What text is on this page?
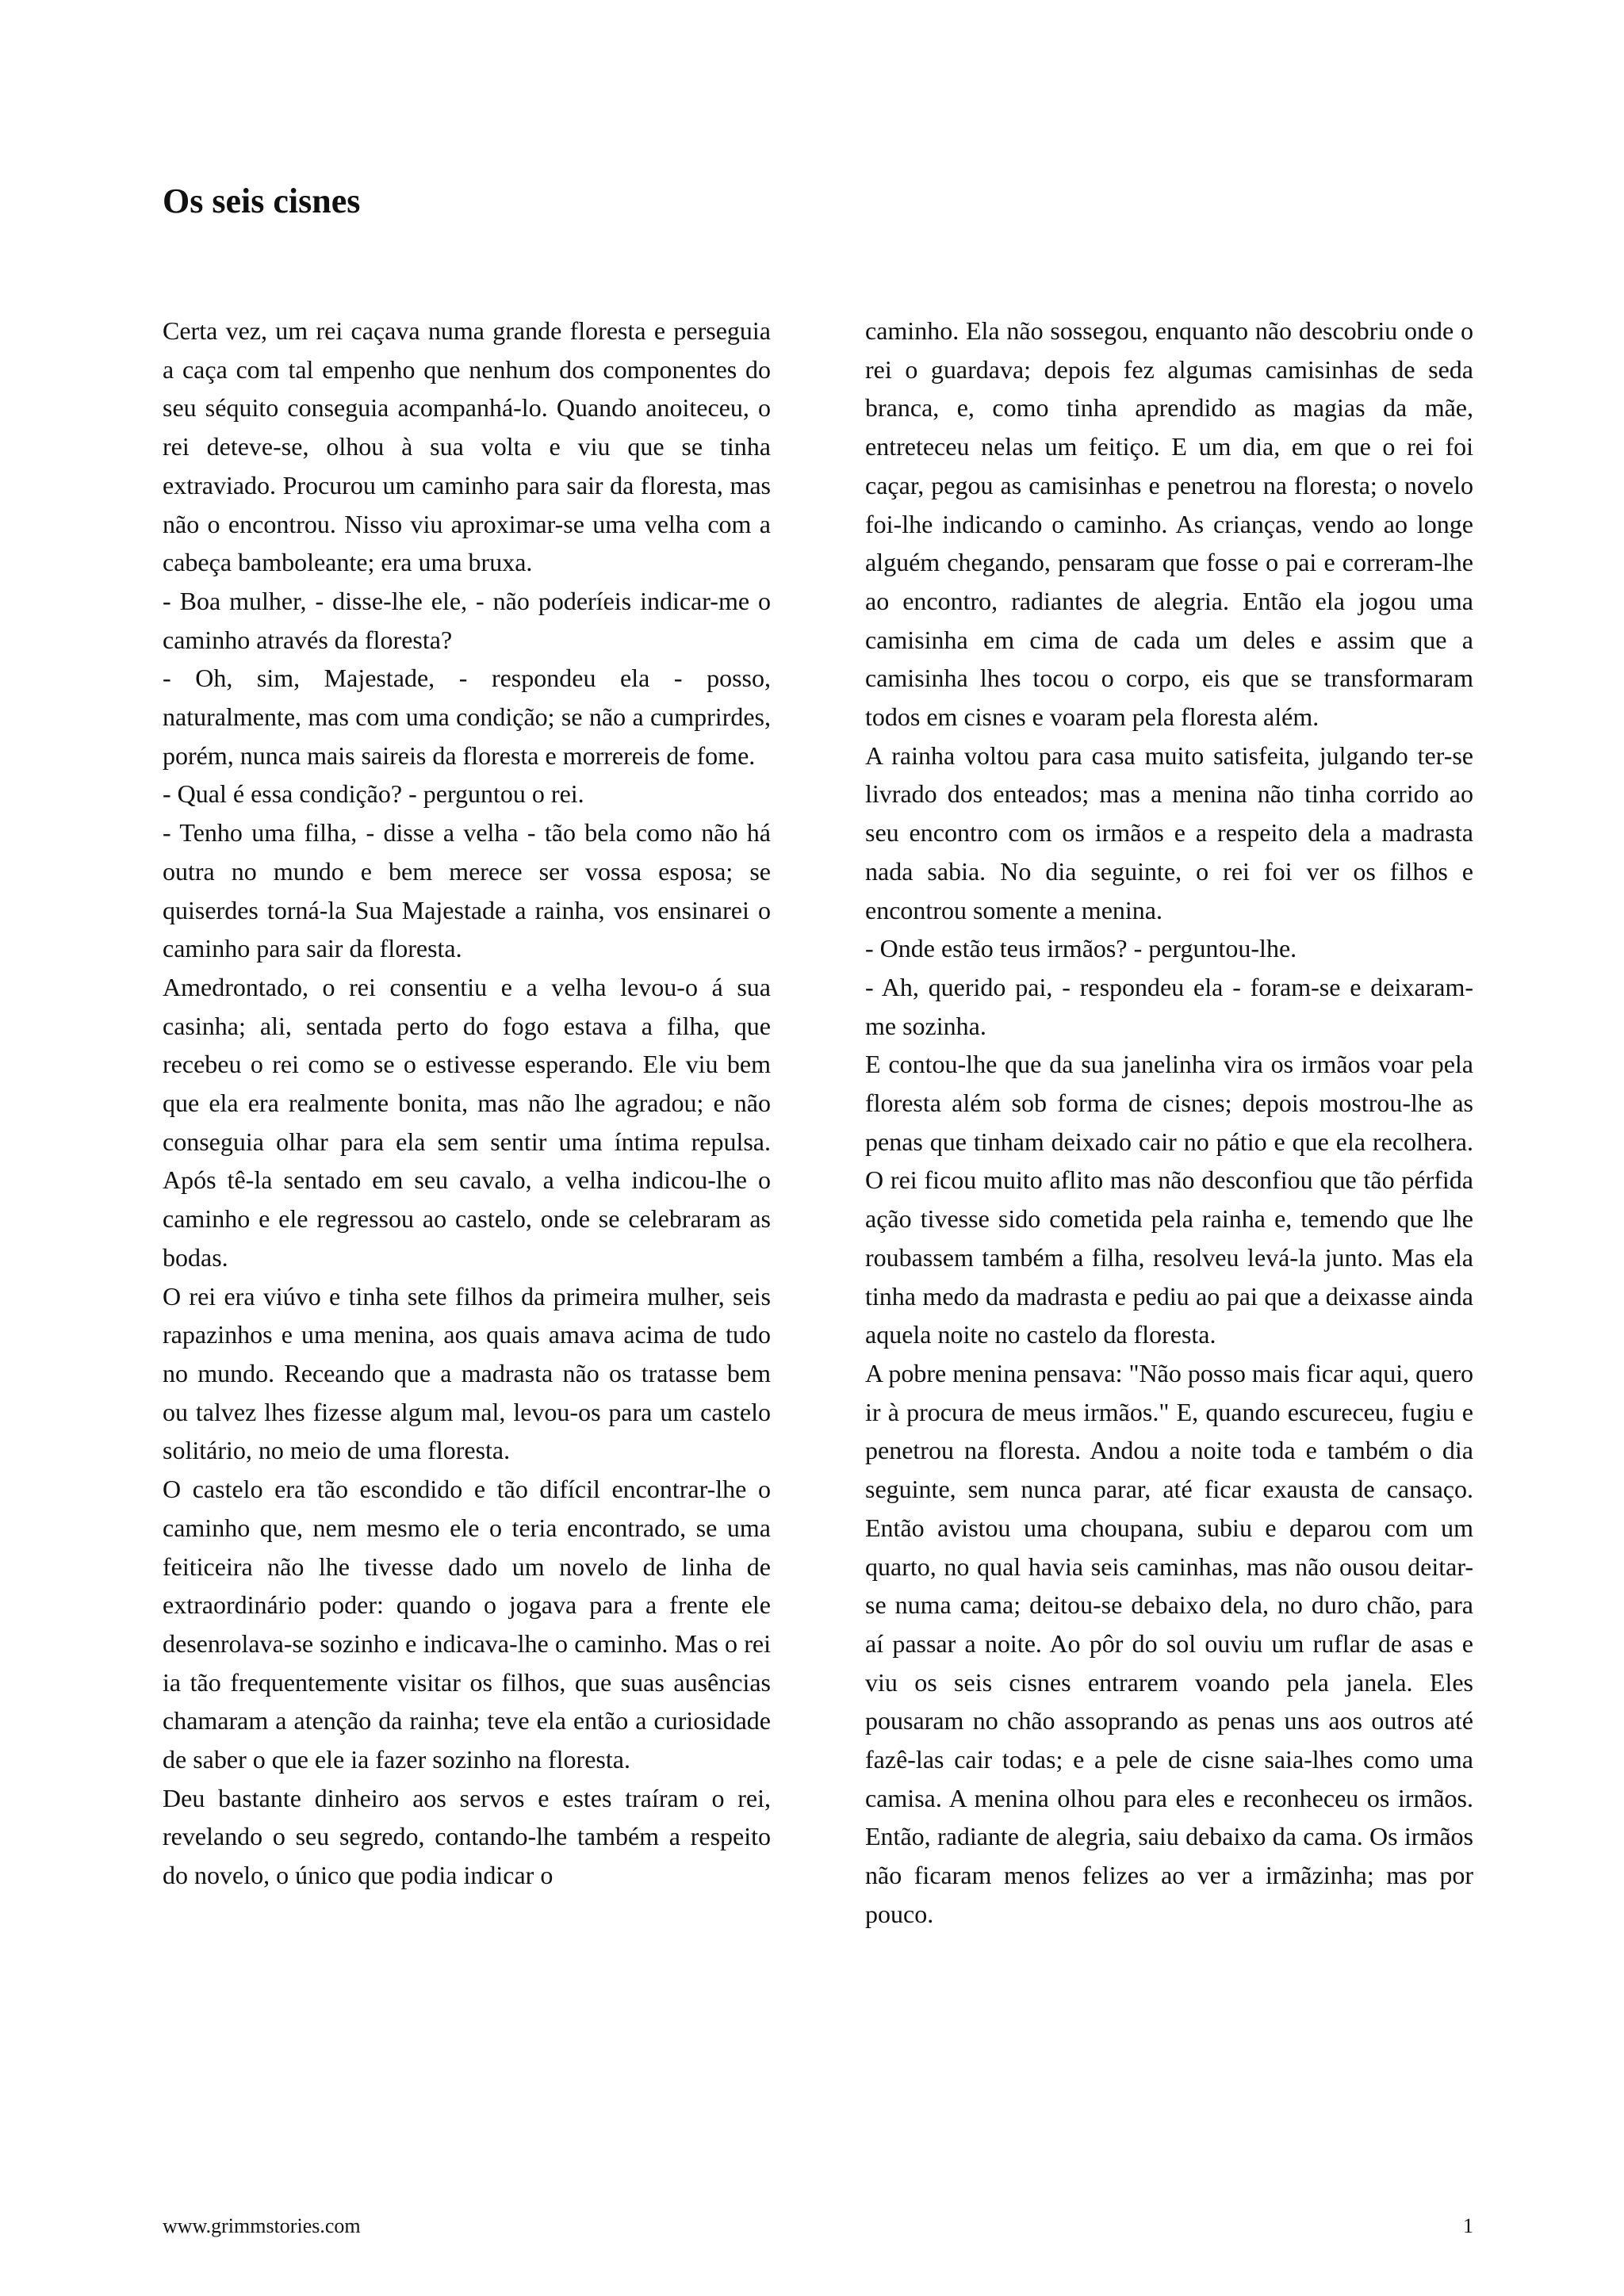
Os seis cisnes

Certa vez, um rei caçava numa grande floresta e perseguia a caça com tal empenho que nenhum dos componentes do seu séquito conseguia acompanhá-lo. Quando anoiteceu, o rei deteve-se, olhou à sua volta e viu que se tinha extraviado. Procurou um caminho para sair da floresta, mas não o encontrou. Nisso viu aproximar-se uma velha com a cabeça bamboleante; era uma bruxa.

- Boa mulher, - disse-lhe ele, - não poderíeis indicar-me o caminho através da floresta?

- Oh, sim, Majestade, - respondeu ela - posso, naturalmente, mas com uma condição; se não a cumprirdes, porém, nunca mais saireis da floresta e morrereis de fome.

- Qual é essa condição? - perguntou o rei.

- Tenho uma filha, - disse a velha - tão bela como não há outra no mundo e bem merece ser vossa esposa; se quiserdes torná-la Sua Majestade a rainha, vos ensinarei o caminho para sair da floresta.

Amedrontado, o rei consentiu e a velha levou-o á sua casinha; ali, sentada perto do fogo estava a filha, que recebeu o rei como se o estivesse esperando. Ele viu bem que ela era realmente bonita, mas não lhe agradou; e não conseguia olhar para ela sem sentir uma íntima repulsa. Após tê-la sentado em seu cavalo, a velha indicou-lhe o caminho e ele regressou ao castelo, onde se celebraram as bodas.

O rei era viúvo e tinha sete filhos da primeira mulher, seis rapazinhos e uma menina, aos quais amava acima de tudo no mundo. Receando que a madrasta não os tratasse bem ou talvez lhes fizesse algum mal, levou-os para um castelo solitário, no meio de uma floresta.

O castelo era tão escondido e tão difícil encontrar-lhe o caminho que, nem mesmo ele o teria encontrado, se uma feiticeira não lhe tivesse dado um novelo de linha de extraordinário poder: quando o jogava para a frente ele desenrolava-se sozinho e indicava-lhe o caminho. Mas o rei ia tão frequentemente visitar os filhos, que suas ausências chamaram a atenção da rainha; teve ela então a curiosidade de saber o que ele ia fazer sozinho na floresta.

Deu bastante dinheiro aos servos e estes traíram o rei, revelando o seu segredo, contando-lhe também a respeito do novelo, o único que podia indicar o

caminho. Ela não sossegou, enquanto não descobriu onde o rei o guardava; depois fez algumas camisinhas de seda branca, e, como tinha aprendido as magias da mãe, entreteceu nelas um feitiço. E um dia, em que o rei foi caçar, pegou as camisinhas e penetrou na floresta; o novelo foi-lhe indicando o caminho. As crianças, vendo ao longe alguém chegando, pensaram que fosse o pai e correram-lhe ao encontro, radiantes de alegria. Então ela jogou uma camisinha em cima de cada um deles e assim que a camisinha lhes tocou o corpo, eis que se transformaram todos em cisnes e voaram pela floresta além.

A rainha voltou para casa muito satisfeita, julgando ter-se livrado dos enteados; mas a menina não tinha corrido ao seu encontro com os irmãos e a respeito dela a madrasta nada sabia. No dia seguinte, o rei foi ver os filhos e encontrou somente a menina.

- Onde estão teus irmãos? - perguntou-lhe.

- Ah, querido pai, - respondeu ela - foram-se e deixaram-me sozinha.

E contou-lhe que da sua janelinha vira os irmãos voar pela floresta além sob forma de cisnes; depois mostrou-lhe as penas que tinham deixado cair no pátio e que ela recolhera. O rei ficou muito aflito mas não desconfiou que tão pérfida ação tivesse sido cometida pela rainha e, temendo que lhe roubassem também a filha, resolveu levá-la junto. Mas ela tinha medo da madrasta e pediu ao pai que a deixasse ainda aquela noite no castelo da floresta.

A pobre menina pensava: "Não posso mais ficar aqui, quero ir à procura de meus irmãos." E, quando escureceu, fugiu e penetrou na floresta. Andou a noite toda e também o dia seguinte, sem nunca parar, até ficar exausta de cansaço. Então avistou uma choupana, subiu e deparou com um quarto, no qual havia seis caminhas, mas não ousou deitar-se numa cama; deitou-se debaixo dela, no duro chão, para aí passar a noite. Ao pôr do sol ouviu um ruflar de asas e viu os seis cisnes entrarem voando pela janela. Eles pousaram no chão assoprando as penas uns aos outros até fazê-las cair todas; e a pele de cisne saia-lhes como uma camisa. A menina olhou para eles e reconheceu os irmãos. Então, radiante de alegria, saiu debaixo da cama. Os irmãos não ficaram menos felizes ao ver a irmãzinha; mas por pouco.

www.grimmstories.com	1
